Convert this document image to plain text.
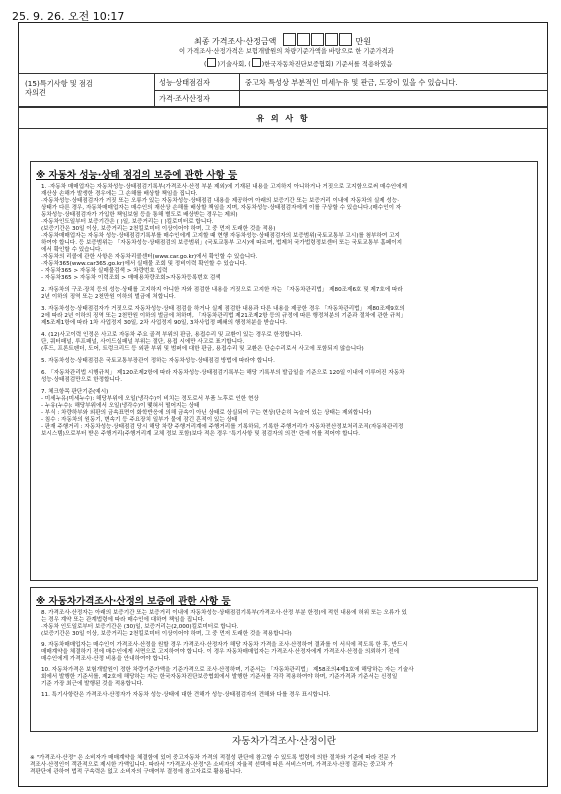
25. 9. 26. 오전 10:17
최종 가격조사·산정금액	만원
이 가격조사·산정가격은 보험개발원의 차량기준가액을 바탕으로 한 기준가격과
( )기술사회, ( )한국자동차진단보증협회) 기준서를 적용하였음
(15)특기사항 및 점검자의견
성능·상태점검자	중고차 특성상 부분적인 미세누유 및 판금, 도장이 있을 수 있습니다.
가격·조사산정자
유 의 사 항
※ 자동차 성능·상태 점검의 보증에 관한 사항 등
1. ·자동차 매매업자는 자동차성능·상태점검기록부(가격조사·산정 부분 제외)에 기재된 내용을 고지하지 아니하거나 거짓으로 고지함으로써 매수인에게
재산상 손해가 발생한 경우에는 그 손해를 배상할 책임을 집니다.
·자동차성능·상태점검자가 거짓 또는 오류가 있는 자동차성능·상태점검 내용을 제공하여 아래의 보증기간 또는 보증거리 이내에 자동차의 실제 성능·
상태가 다른 경우, 자동차매매업자는 매수인의 재산상 손해를 배상할 책임을 지며, 자동차성능·상태점검자에게 이를 구상할 수 있습니다.(매수인이 자
동차성능·상태점검자가 가입한 책임보험 등을 통해 별도로 배상받는 경우는 제외)
·자동차인도일부터 보증기간은 ( )일, 보증거리는 ( )킬로미터로 합니다.
(보증기간은 30일 이상, 보증거리는 2천킬로미터 이상이어야 하며, 그 중 먼저 도래한 것을 적용)
·자동차매매업자는 자동차 성능·상태점검기록부를 매수인에게 고지할 때 현행 자동차성능·상태점검자의 보증범위(국토교통부 고시)를 첨부하여 고지
하여야 합니다. 등 보증범위는 「자동차성능·상태점검의 보증범위」(국토교통부 고시)에 따르며, 법제처 국가법령정보센터 또는 국토교통부 홈페이지
에서 확인할 수 있습니다.
·자동차의 리콜에 관한 사항은 자동차리콜센터(www.car.go.kr)에서 확인할 수 있습니다.
·자동차365(www.car365.go.kr)에서 실매물 조회 및 정비이력 확인할 수 있습니다.
- 자동차365 > 자동차 실매물검색 > 차량번호 입력
- 자동차365 > 자동차 이력조회 > 매매용차량조회>자동차등록번호 검색
2. 자동차의 구조·장치 등의 성능·상태를 고지하지 아니한 자와 점검한 내용을 거짓으로 고지한 자는 「자동차관리법」 제80조제6호 및 제7호에 따라
2년 이하의 징역 또는 2천만원 이하의 벌금에 처합니다.
3. 자동차성능·상태점검자가 거짓으로 자동차성능·상태 점검을 하거나 실제 점검한 내용과 다른 내용을 제공한 경우 「자동차관리법」 제80조제9호의
2에 따라 2년 이하의 징역 또는 2천만원 이하의 벌금에 처하며, 「자동차관리법 제21조제2항 등의 규정에 따른 행정처분의 기준과 절차에 관한 규칙」
제5조제1항에 따라 1차 사업정지 30일, 2차 사업정지 90일, 3차사업정 폐쇄의 행정처분을 받습니다.
4. (12)사고이력 인정은 사고로 자동차 주요 골격 부위의 판금, 용접수리 및 교환이 있는 경우로 한정합니다.
단, 쿼터패널, 루프패널, 사이드실패널 부위는 절단, 용접 시에만 사고로 표기합니다.
(후드, 프론트펜더, 도어, 트렁크리드 등 외판 부위 및 범퍼에 대한 판금, 용접수리 및 교환은 단순수리로서 사고에 포함되지 않습니다)
5. 자동차성능·상태점검은 국토교통부장관이 정하는 자동차성능·상태점검 방법에 따라야 합니다.
6. 「자동차관리법 시행규칙」 제120조제2항에 따라 자동차성능·상태점검기록부는 해당 기록부의 발급일을 기준으로 120일 이내에 이루어진 자동차
성능·상태점검만으로 한정합니다.
7. 체크항목 판단기준(예시)
- 미세누유(미세누수): 해당부위에 오일(냉각수)이 비치는 정도로서 부품 노후로 인한 현상
- 누유(누수): 해당부위에서 오일(냉각수)이 맺혀서 떨어지는 상태
- 부식 : 차량하부와 외판의 금속표면이 화학반응에 의해 금속이 아닌 상태로 상실되어 구는 현상(단순히 녹슬어 있는 상태는 제외합니다)
- 침수 : 자동차의 원동기, 변속기 등 주요장치 일부가 물에 잠긴 흔적이 있는 상태
- 판재 주행거리 : 자동차성능·상태점검 당시 해당 차량 주행거리계에 주행거리를 기록하되, 기록한 주행거리가 자동차전산정보처리조직(자동차관리정
보시스템)으로부터 받은 주행거리(주행거리계 교체 정보 포함)보다 적은 경우 '특기사항 및 점검자의 의견' 란에 이를 적어야 합니다.
※ 자동차가격조사·산정의 보증에 관한 사항 등
8. 가격조사·산정자는 아래의 보증기간 또는 보증거리 이내에 자동차성능·상태점검기록부(가격조사·산정 부분 한정)에 적힌 내용에 허위 또는 오류가 있
는 경우 계약 또는 관계법령에 따라 매수인에 대하여 책임을 집니다.
·자동차 인도일로부터 보증기간은 (30)일, 보증거리는(2,000)킬로미터로 합니다.
(보증기간은 30일 이상, 보증거리는 2천킬로미터 이상이어야 하며, 그 중 먼저 도래한 것을 적용합니다)
9. 자동차매매업자는 매수인이 가격조사·산정을 원할 경우 가격조사·산정자가 해당 자동차 가격을 조사·산정하여 결과를 이 서식에 적도록 한 후, 반드시
매매계약을 체결하기 전에 매수인에게 서면으로 고지하여야 합니다. 이 경우 자동차매매업자는 가격조사·산정자에게 가격조사·산정을 의뢰하기 전에
매수인에게 가격조사·산정 비용을 안내하여야 합니다.
10. 자동차가격은 보험개발원이 정한 차량기준가액을 기준가격으로 조사·산정하며, 기준서는 「자동차관리법」 제58조의4제1호에 해당하는 자는 기술사
회에서 발행한 기준서를, 제2호에 해당하는 자는 한국자동차진단보증협회에서 발행한 기준서를 각각 적용하여야 하며, 기준가격과 기준서는 신정일
기준 가장 최근에 발행된 것을 적용합니다.
11. 특기사항란은 가격조사·산정자가 자동차 성능·상태에 대한 견해가 성능·상태점검자의 견해와 다를 경우 표시합니다.
자동차가격조사·산정이란
※ "가격조사·산정" 은 소비자가 매매계약을 체결함에 있어 중고자동차 가격의 적절성 판단에 참고할 수 있도록 법령에 의한 절차와 기준에 따라 전문 가
격조사·산정인이 객관적으로 제시한 가액입니다. 따라서 "가격조사·산정"은 소비자의 자율적 선택에 따른 서비스이며, 가격조사·산정 결과는 중고차 가
격판단에 관하여 법적 구속력은 없고 소비자의 구매여부 결정에 참고자료로 활용됩니다.
